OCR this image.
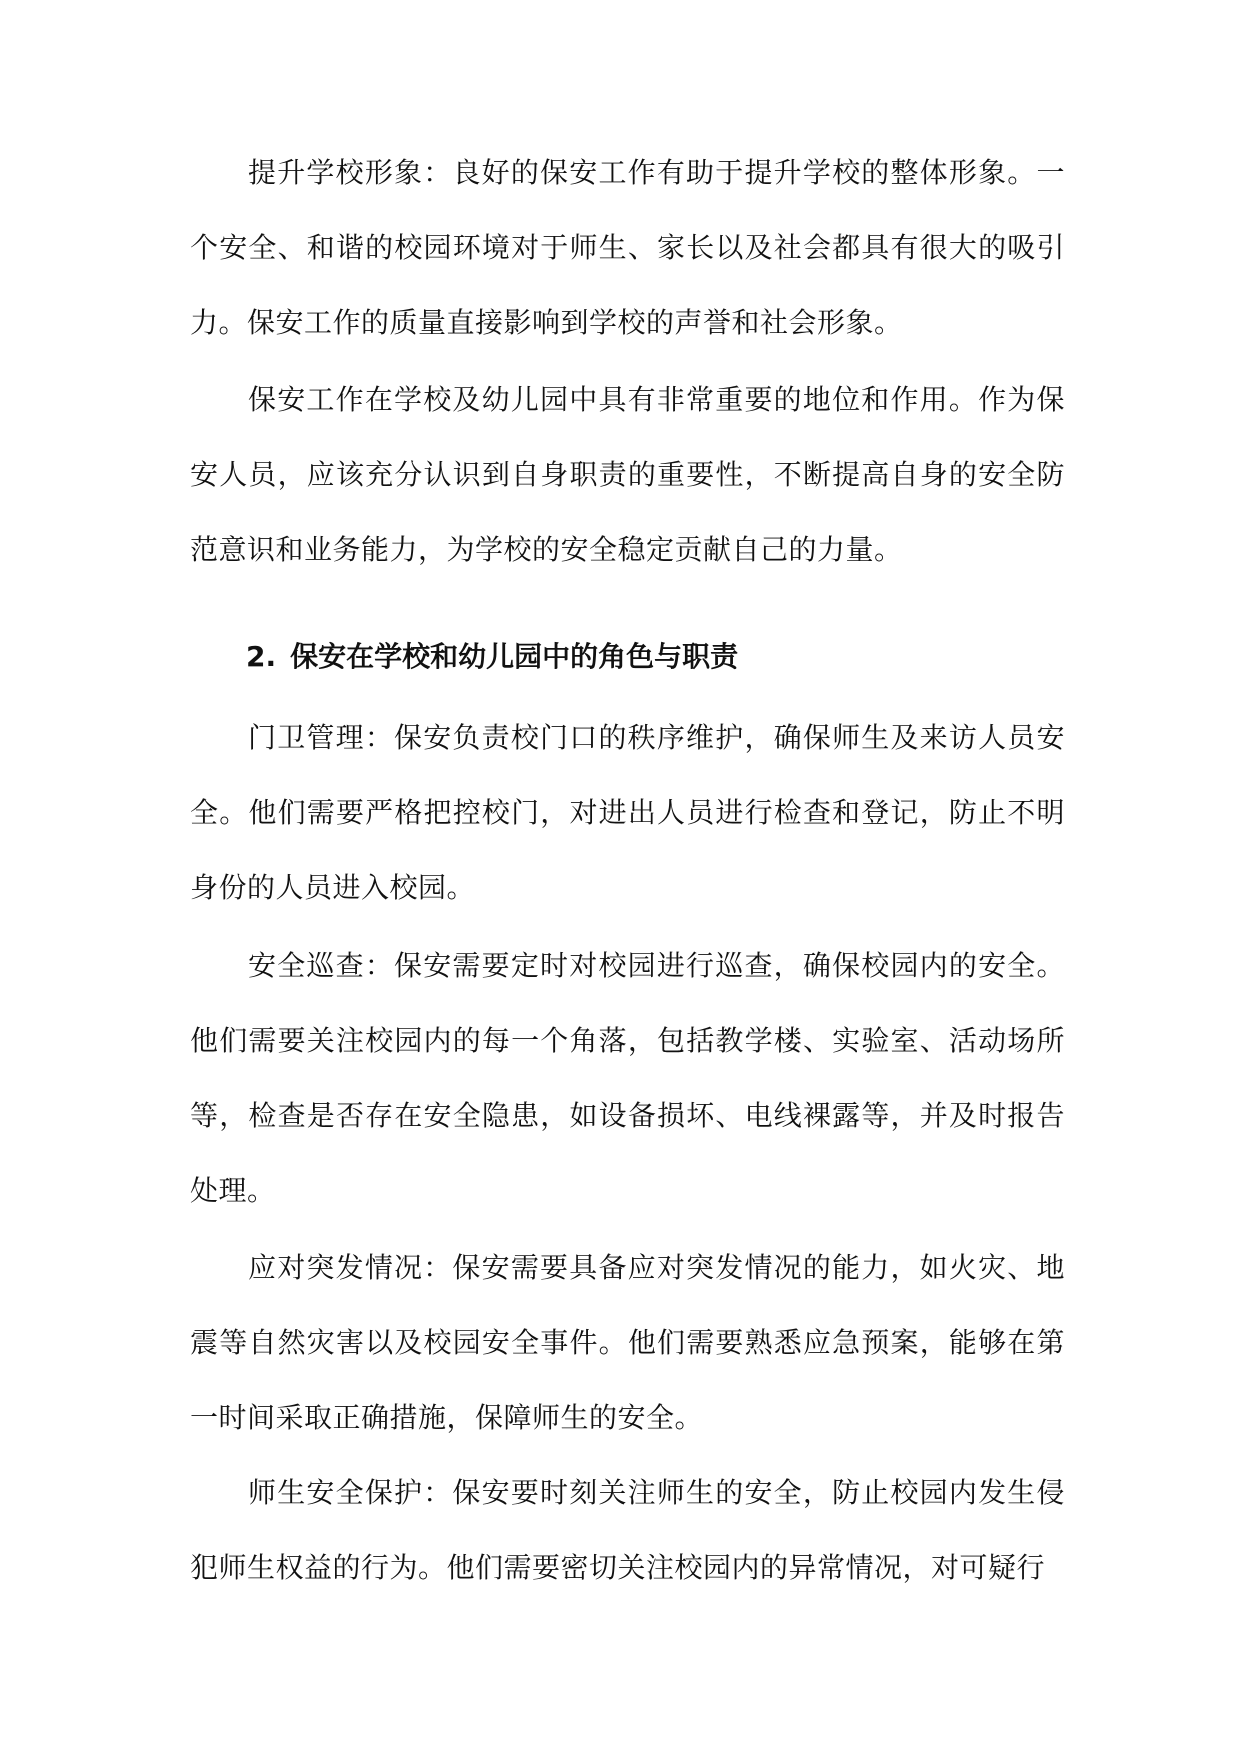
提升学校形象：良好的保安工作有助于提升学校的整体形象。一个安全、和谐的校园环境对于师生、家长以及社会都具有很大的吸引力。保安工作的质量直接影响到学校的声誉和社会形象。

保安工作在学校及幼儿园中具有非常重要的地位和作用。作为保安人员，应该充分认识到自身职责的重要性，不断提高自身的安全防范意识和业务能力，为学校的安全稳定贡献自己的力量。

2. 保安在学校和幼儿园中的角色与职责

门卫管理：保安负责校门口的秩序维护，确保师生及来访人员安全。他们需要严格把控校门，对进出人员进行检查和登记，防止不明身份的人员进入校园。

安全巡查：保安需要定时对校园进行巡查，确保校园内的安全。他们需要关注校园内的每一个角落，包括教学楼、实验室、活动场所等，检查是否存在安全隐患，如设备损坏、电线裸露等，并及时报告处理。

应对突发情况：保安需要具备应对突发情况的能力，如火灾、地震等自然灾害以及校园安全事件。他们需要熟悉应急预案，能够在第一时间采取正确措施，保障师生的安全。

师生安全保护：保安要时刻关注师生的安全，防止校园内发生侵犯师生权益的行为。他们需要密切关注校园内的异常情况，对可疑行
